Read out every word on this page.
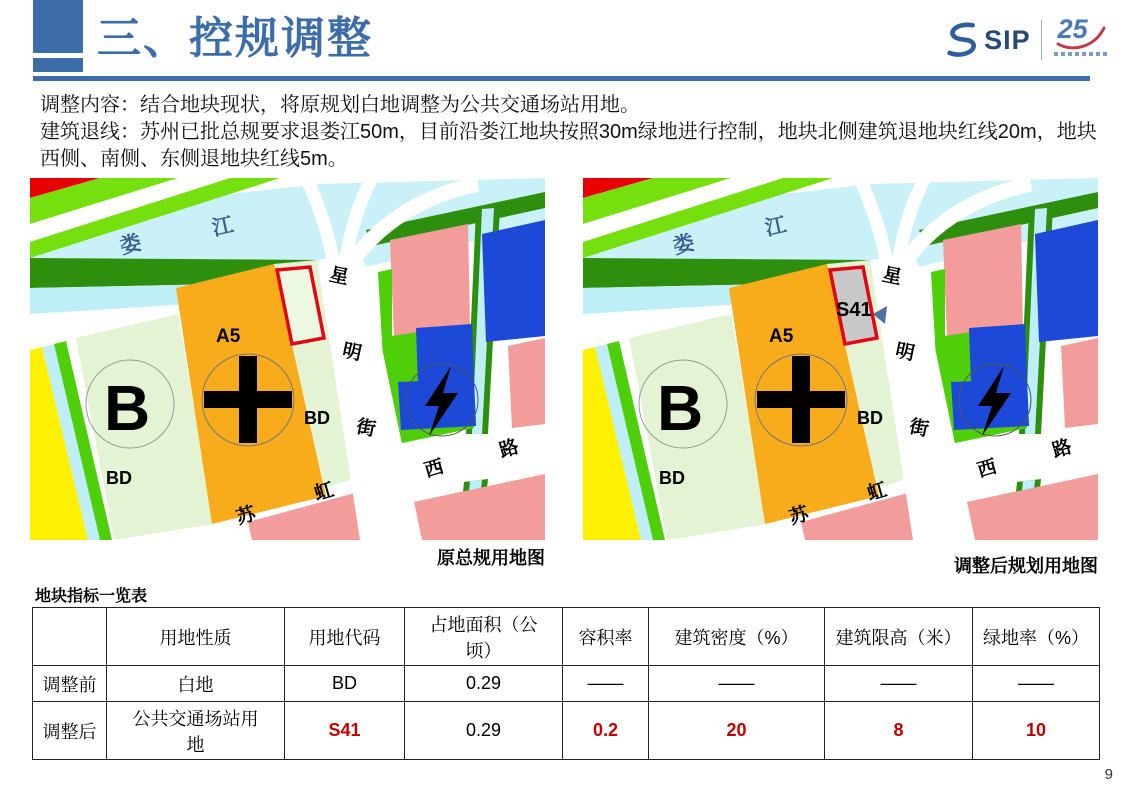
三、控规调整	SIP 25

调整内容：结合地块现状，将原规划白地调整为公共交通场站用地。

建筑退线：苏州已批总规要求退娄江50m，目前沿娄江地块按照30m绿地进行控制，地块北侧建筑退地块红线20m，地块西侧、南侧、东侧退地块红线5m。

原总规用地图
S41
调整后规划用地图
地块指标一览表
	用地性质	用地代码	占地面积（公顷）	容积率	建筑密度（%）	建筑限高（米）	绿地率（%）
调整前	白地	BD	0.29	——	——	——	——
调整后	公共交通场站用地	S41	0.29	0.2	20	8	10
9
